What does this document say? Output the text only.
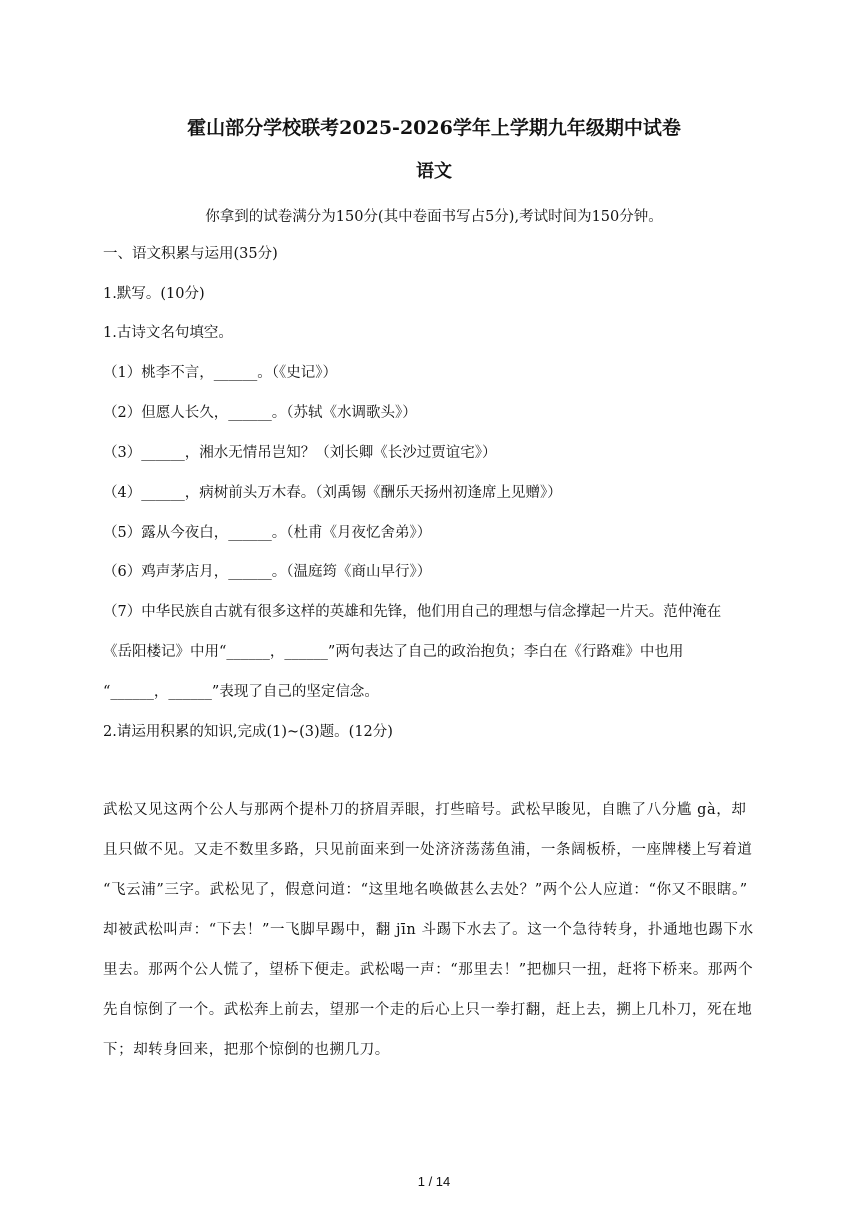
霍山部分学校联考2025-2026学年上学期九年级期中试卷
语文
你拿到的试卷满分为150分(其中卷面书写占5分),考试时间为150分钟。
一、语文积累与运用(35分)
1.默写。(10分)
1.古诗文名句填空。
（1）桃李不言，______。（《史记》）
（2）但愿人长久，______。（苏轼《水调歌头》）
（3）______，湘水无情吊岂知？（刘长卿《长沙过贾谊宅》）
（4）______，病树前头万木春。（刘禹锡《酬乐天扬州初逢席上见赠》）
（5）露从今夜白，______。（杜甫《月夜忆舍弟》）
（6）鸡声茅店月，______。（温庭筠《商山早行》）
（7）中华民族自古就有很多这样的英雄和先锋，他们用自己的理想与信念撑起一片天。范仲淹在
《岳阳楼记》中用“______，______”两句表达了自己的政治抱负；李白在《行路难》中也用
“______，______”表现了自己的坚定信念。
2.请运用积累的知识,完成(1)~(3)题。(12分)
武松又见这两个公人与那两个提朴刀的挤眉弄眼，打些暗号。武松早睃见，自瞧了八分尴 gà，却
且只做不见。又走不数里多路，只见前面来到一处济济荡荡鱼浦，一条阔板桥，一座牌楼上写着道
“飞云浦”三字。武松见了，假意问道：“这里地名唤做甚么去处？”两个公人应道：“你又不眼瞎。”
却被武松叫声：“下去！”一飞脚早踢中，翻 jīn 斗踢下水去了。这一个急待转身，扑通地也踢下水
里去。那两个公人慌了，望桥下便走。武松喝一声：“那里去！”把枷只一扭，赶将下桥来。那两个
先自惊倒了一个。武松奔上前去，望那一个走的后心上只一拳打翻，赶上去，搠上几朴刀，死在地
下；却转身回来，把那个惊倒的也搠几刀。
1 / 14
